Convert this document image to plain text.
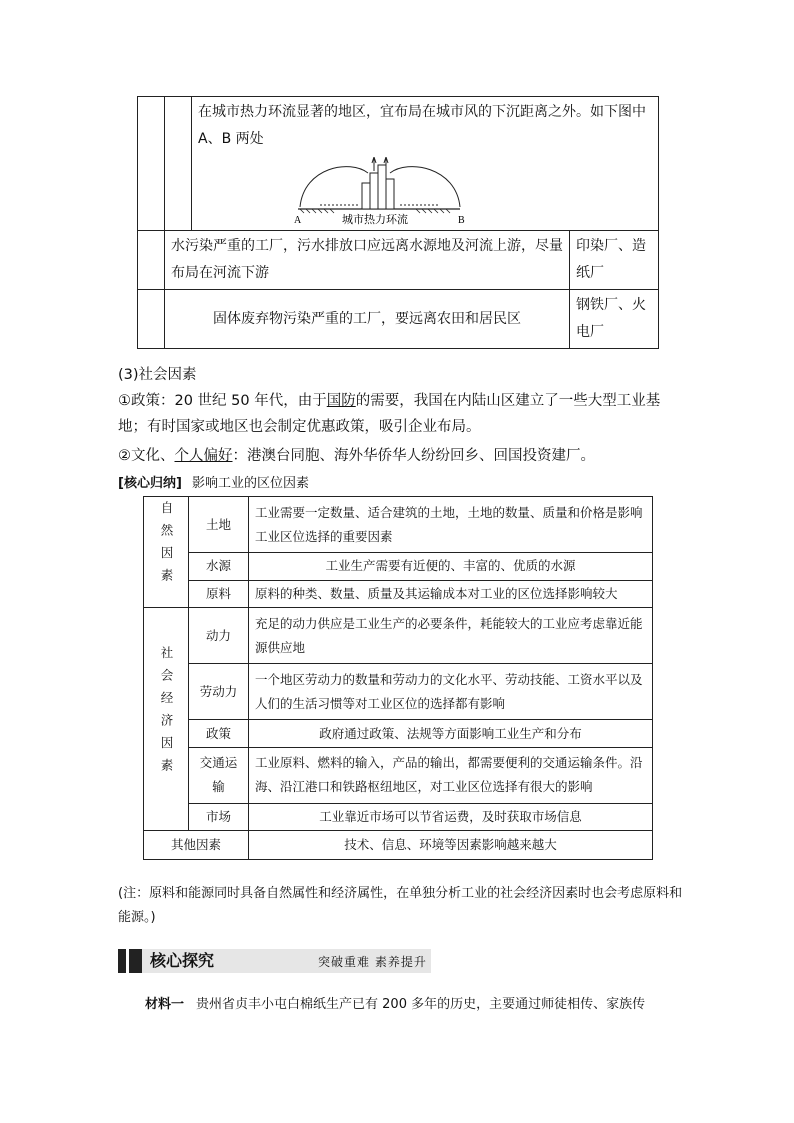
		在城市热力环流显著的地区，宜布局在城市风的下沉距离之外。如下图中 A、B 两处
A 城市热力环流 B	

	水污染严重的工厂，污水排放口应远离水源地及河流上游，尽量布局在河流下游		印染厂、造纸厂
	固体废弃物污染严重的工厂，要远离农田和居民区		钢铁厂、火电厂
(3)社会因素
①政策：20 世纪 50 年代，由于国防的需要，我国在内陆山区建立了一些大型工业基地；有时国家或地区也会制定优惠政策，吸引企业布局。
②文化、个人偏好：港澳台同胞、海外华侨华人纷纷回乡、回国投资建厂。
[核心归纳] 影响工业的区位因素
自然因素	土地	工业需要一定数量、适合建筑的土地，土地的数量、质量和价格是影响工业区位选择的重要因素
	水源	工业生产需要有近便的、丰富的、优质的水源
	原料	原料的种类、数量、质量及其运输成本对工业的区位选择影响较大
社会经济因素	动力	充足的动力供应是工业生产的必要条件，耗能较大的工业应考虑靠近能源供应地
	劳动力	一个地区劳动力的数量和劳动力的文化水平、劳动技能、工资水平以及人们的生活习惯等对工业区位的选择都有影响
	政策	政府通过政策、法规等方面影响工业生产和分布
	交通运输	工业原料、燃料的输入，产品的输出，都需要便利的交通运输条件。沿海、沿江港口和铁路枢纽地区，对工业区位选择有很大的影响
	市场	工业靠近市场可以节省运费，及时获取市场信息
其他因素		技术、信息、环境等因素影响越来越大
(注：原料和能源同时具备自然属性和经济属性，在单独分析工业的社会经济因素时也会考虑原料和能源。)
核心探究	突破重难 素养提升
材料一 贵州省贞丰小屯白棉纸生产已有 200 多年的历史，主要通过师徒相传、家族传
